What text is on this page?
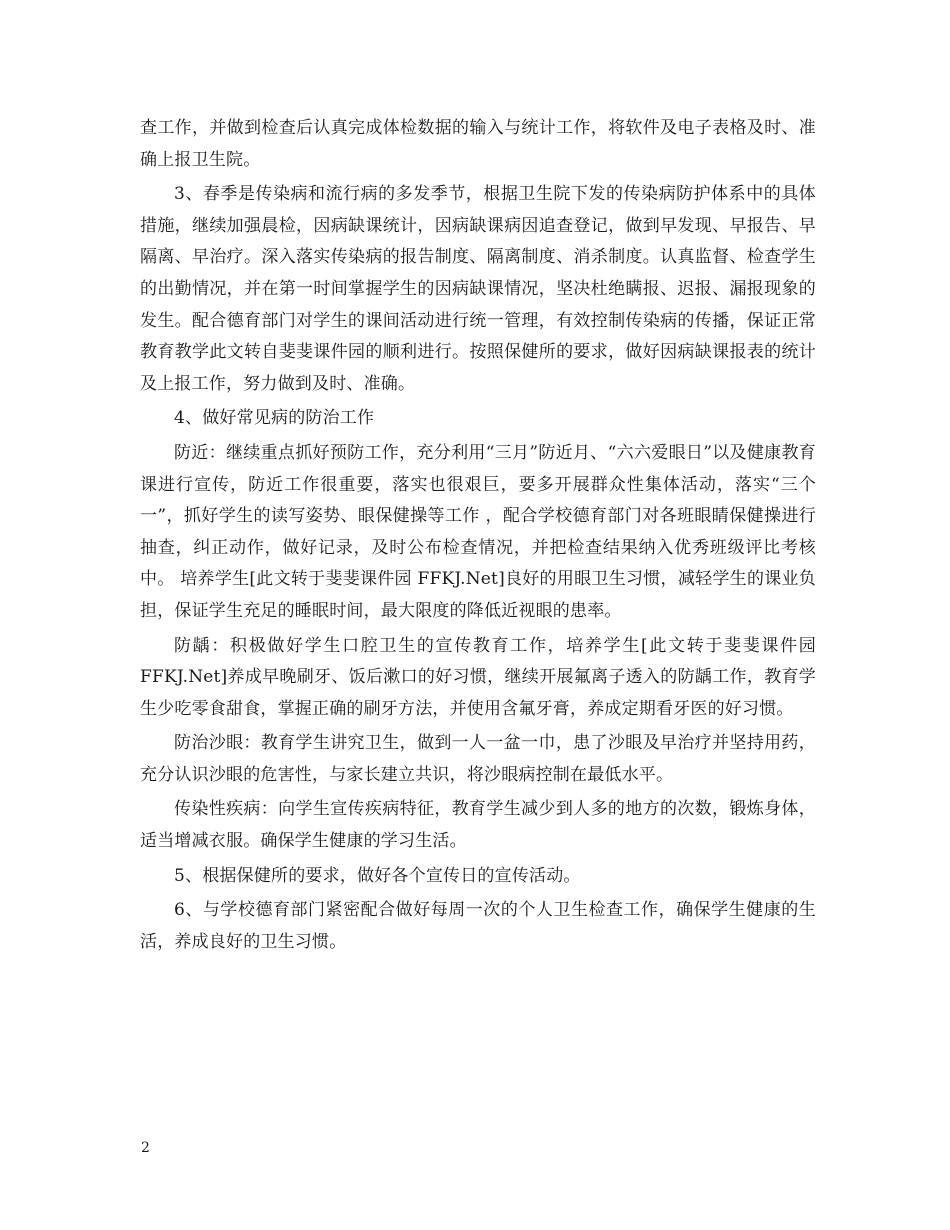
查工作，并做到检查后认真完成体检数据的输入与统计工作，将软件及电子表格及时、准确上报卫生院。

3、春季是传染病和流行病的多发季节，根据卫生院下发的传染病防护体系中的具体措施，继续加强晨检，因病缺课统计，因病缺课病因追查登记，做到早发现、早报告、早隔离、早治疗。深入落实传染病的报告制度、隔离制度、消杀制度。认真监督、检查学生的出勤情况，并在第一时间掌握学生的因病缺课情况，坚决杜绝瞒报、迟报、漏报现象的发生。配合德育部门对学生的课间活动进行统一管理，有效控制传染病的传播，保证正常教育教学此文转自斐斐课件园的顺利进行。按照保健所的要求，做好因病缺课报表的统计及上报工作，努力做到及时、准确。

4、做好常见病的防治工作

防近：继续重点抓好预防工作，充分利用“三月”防近月、“六六爱眼日”以及健康教育课进行宣传，防近工作很重要，落实也很艰巨，要多开展群众性集体活动，落实“三个一”，抓好学生的读写姿势、眼保健操等工作 ，配合学校德育部门对各班眼睛保健操进行抽查，纠正动作，做好记录，及时公布检查情况，并把检查结果纳入优秀班级评比考核中。 培养学生[此文转于斐斐课件园 FFKJ.Net]良好的用眼卫生习惯，减轻学生的课业负担，保证学生充足的睡眠时间，最大限度的降低近视眼的患率。

防龋：积极做好学生口腔卫生的宣传教育工作，培养学生[此文转于斐斐课件园 FFKJ.Net]养成早晚刷牙、饭后漱口的好习惯，继续开展氟离子透入的防龋工作，教育学生少吃零食甜食，掌握正确的刷牙方法，并使用含氟牙膏，养成定期看牙医的好习惯。

防治沙眼：教育学生讲究卫生，做到一人一盆一巾，患了沙眼及早治疗并坚持用药，充分认识沙眼的危害性，与家长建立共识，将沙眼病控制在最低水平。

传染性疾病：向学生宣传疾病特征，教育学生减少到人多的地方的次数，锻炼身体，适当增减衣服。确保学生健康的学习生活。

5、根据保健所的要求，做好各个宣传日的宣传活动。

6、与学校德育部门紧密配合做好每周一次的个人卫生检查工作，确保学生健康的生活，养成良好的卫生习惯。

2
